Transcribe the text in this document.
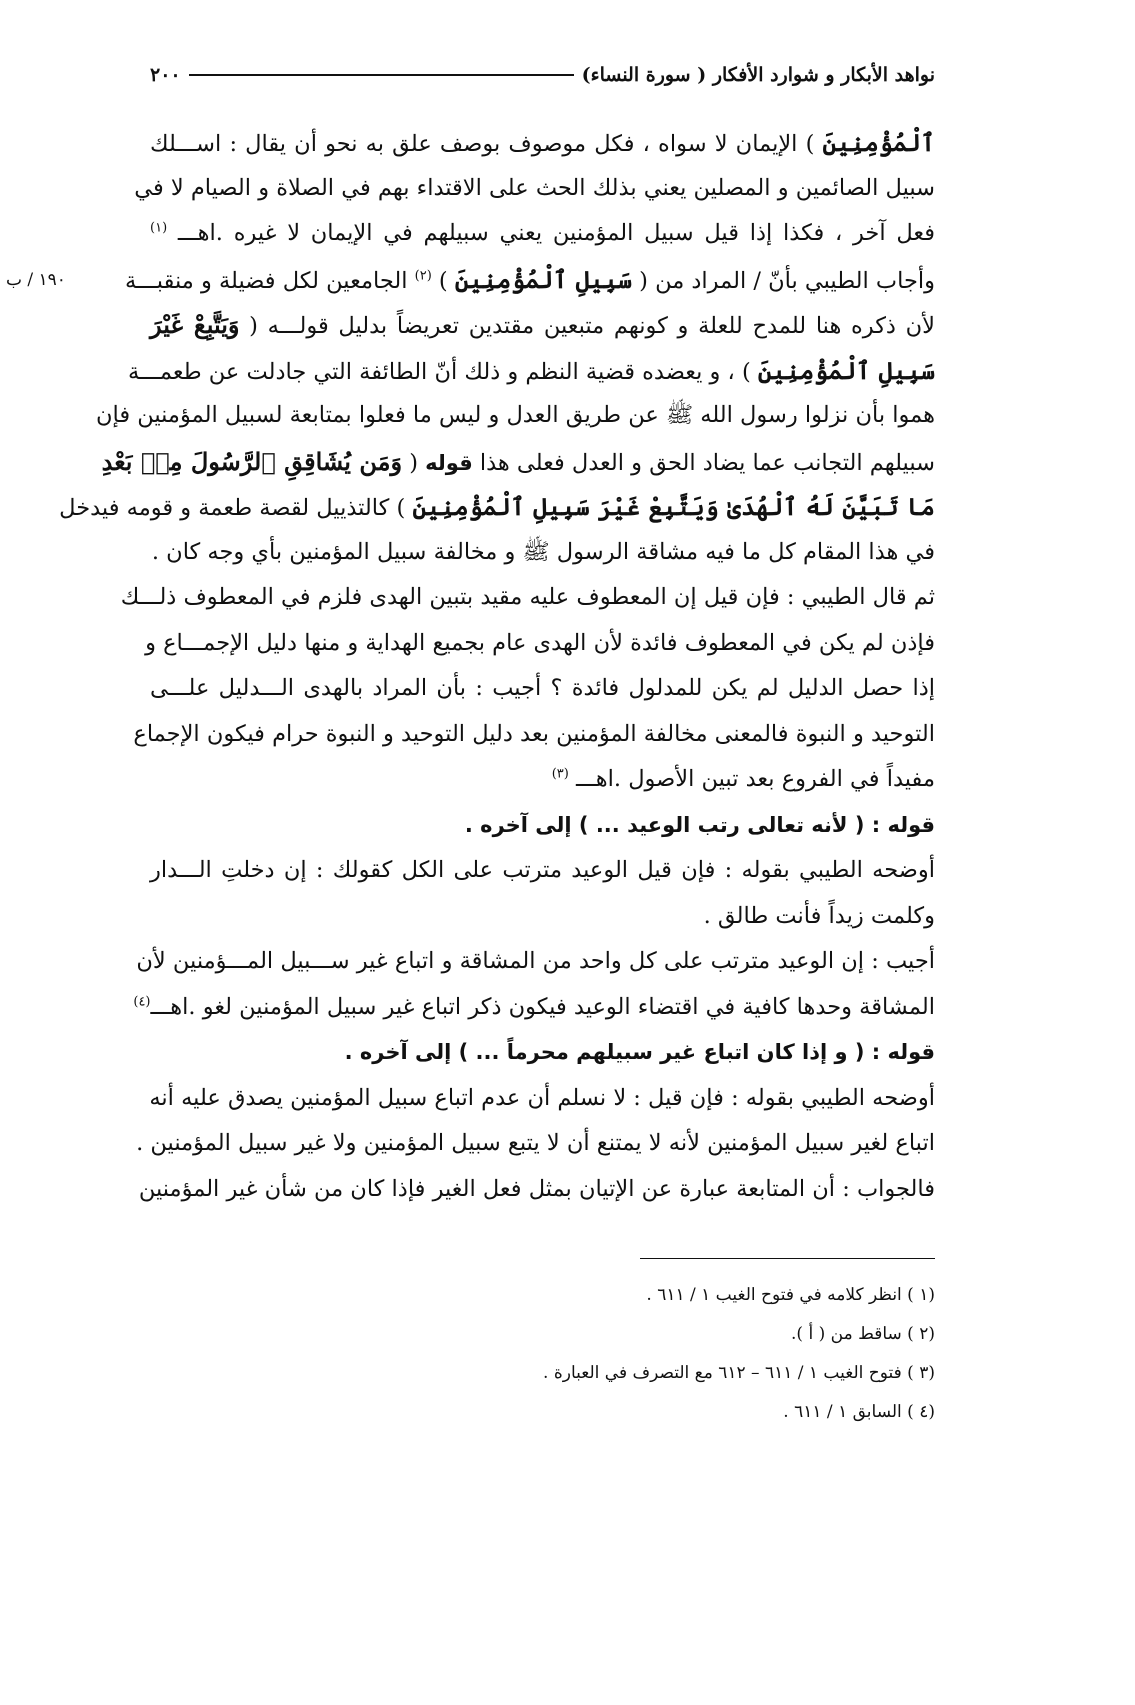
نواهد الأبكار و شوارد الأفكار ( سورة النساء)
٢٠٠
١٩٠ / ب
ٱلْمُؤْمِنِينَ ) الإيمان لا سواه ، فكل موصوف بوصف علق به نحو أن يقال : اســـلك
سبيل الصائمين و المصلين يعني بذلك الحث على الاقتداء بهم في الصلاة و الصيام لا في
فعل آخر ، فكذا إذا قيل سبيل المؤمنين يعني سبيلهم في الإيمان لا غيره .اهـــ $^{(١)}$
وأجاب الطيبي بأنّ / المراد من ( سَبِيلِ ٱلْمُؤْمِنِينَ ) $^{(٢)}$ الجامعين لكل فضيلة و منقبـــة
لأن ذكره هنا للمدح للعلة و كونهم متبعين مقتدين تعريضاً بدليل قولـــه ( وَيَتَّبِعْ غَيْرَ
سَبِيلِ ٱلْمُؤْمِنِينَ ) ، و يعضده قضية النظم و ذلك أنّ الطائفة التي جادلت عن طعمـــة
هموا بأن نزلوا رسول الله ﷺ عن طريق العدل و ليس ما فعلوا بمتابعة لسبيل المؤمنين فإن
سبيلهم التجانب عما يضاد الحق و العدل فعلى هذا قوله ( وَمَن يُشَاقِقِ ٱلرَّسُولَ مِنۢ بَعْدِ
مَا تَبَيَّنَ لَهُ ٱلْهُدَىٰ وَيَتَّبِعْ غَيْرَ سَبِيلِ ٱلْمُؤْمِنِينَ ) كالتذييل لقصة طعمة و قومه فيدخل
في هذا المقام كل ما فيه مشاقة الرسول ﷺ و مخالفة سبيل المؤمنين بأي وجه كان .
ثم قال الطيبي : فإن قيل إن المعطوف عليه مقيد بتبين الهدى فلزم في المعطوف ذلـــك
فإذن لم يكن في المعطوف فائدة لأن الهدى عام بجميع الهداية و منها دليل الإجمـــاع و
إذا حصل الدليل لم يكن للمدلول فائدة ؟ أجيب : بأن المراد بالهدى الـــدليل علـــى
التوحيد و النبوة فالمعنى مخالفة المؤمنين بعد دليل التوحيد و النبوة حرام فيكون الإجماع
مفيداً في الفروع بعد تبين الأصول .اهـــ $^{(٣)}$
قوله : ( لأنه تعالى رتب الوعيد ... ) إلى آخره .
أوضحه الطيبي بقوله : فإن قيل الوعيد مترتب على الكل كقولك : إن دخلتِ الـــدار
وكلمت زيداً فأنت طالق .
أجيب : إن الوعيد مترتب على كل واحد من المشاقة و اتباع غير ســـبيل المـــؤمنين لأن
المشاقة وحدها كافية في اقتضاء الوعيد فيكون ذكر اتباع غير سبيل المؤمنين لغو .اهـــ$^{(٤)}$
قوله : ( و إذا كان اتباع غير سبيلهم محرماً ... ) إلى آخره .
أوضحه الطيبي بقوله : فإن قيل : لا نسلم أن عدم اتباع سبيل المؤمنين يصدق عليه أنه
اتباع لغير سبيل المؤمنين لأنه لا يمتنع أن لا يتبع سبيل المؤمنين ولا غير سبيل المؤمنين .
فالجواب : أن المتابعة عبارة عن الإتيان بمثل فعل الغير فإذا كان من شأن غير المؤمنين
(١ ) انظر كلامه في فتوح الغيب ١ / ٦١١ .
(٢ ) ساقط من ( أ ).
(٣ ) فتوح الغيب ١ / ٦١١ – ٦١٢ مع التصرف في العبارة .
(٤ ) السابق ١ / ٦١١ .
